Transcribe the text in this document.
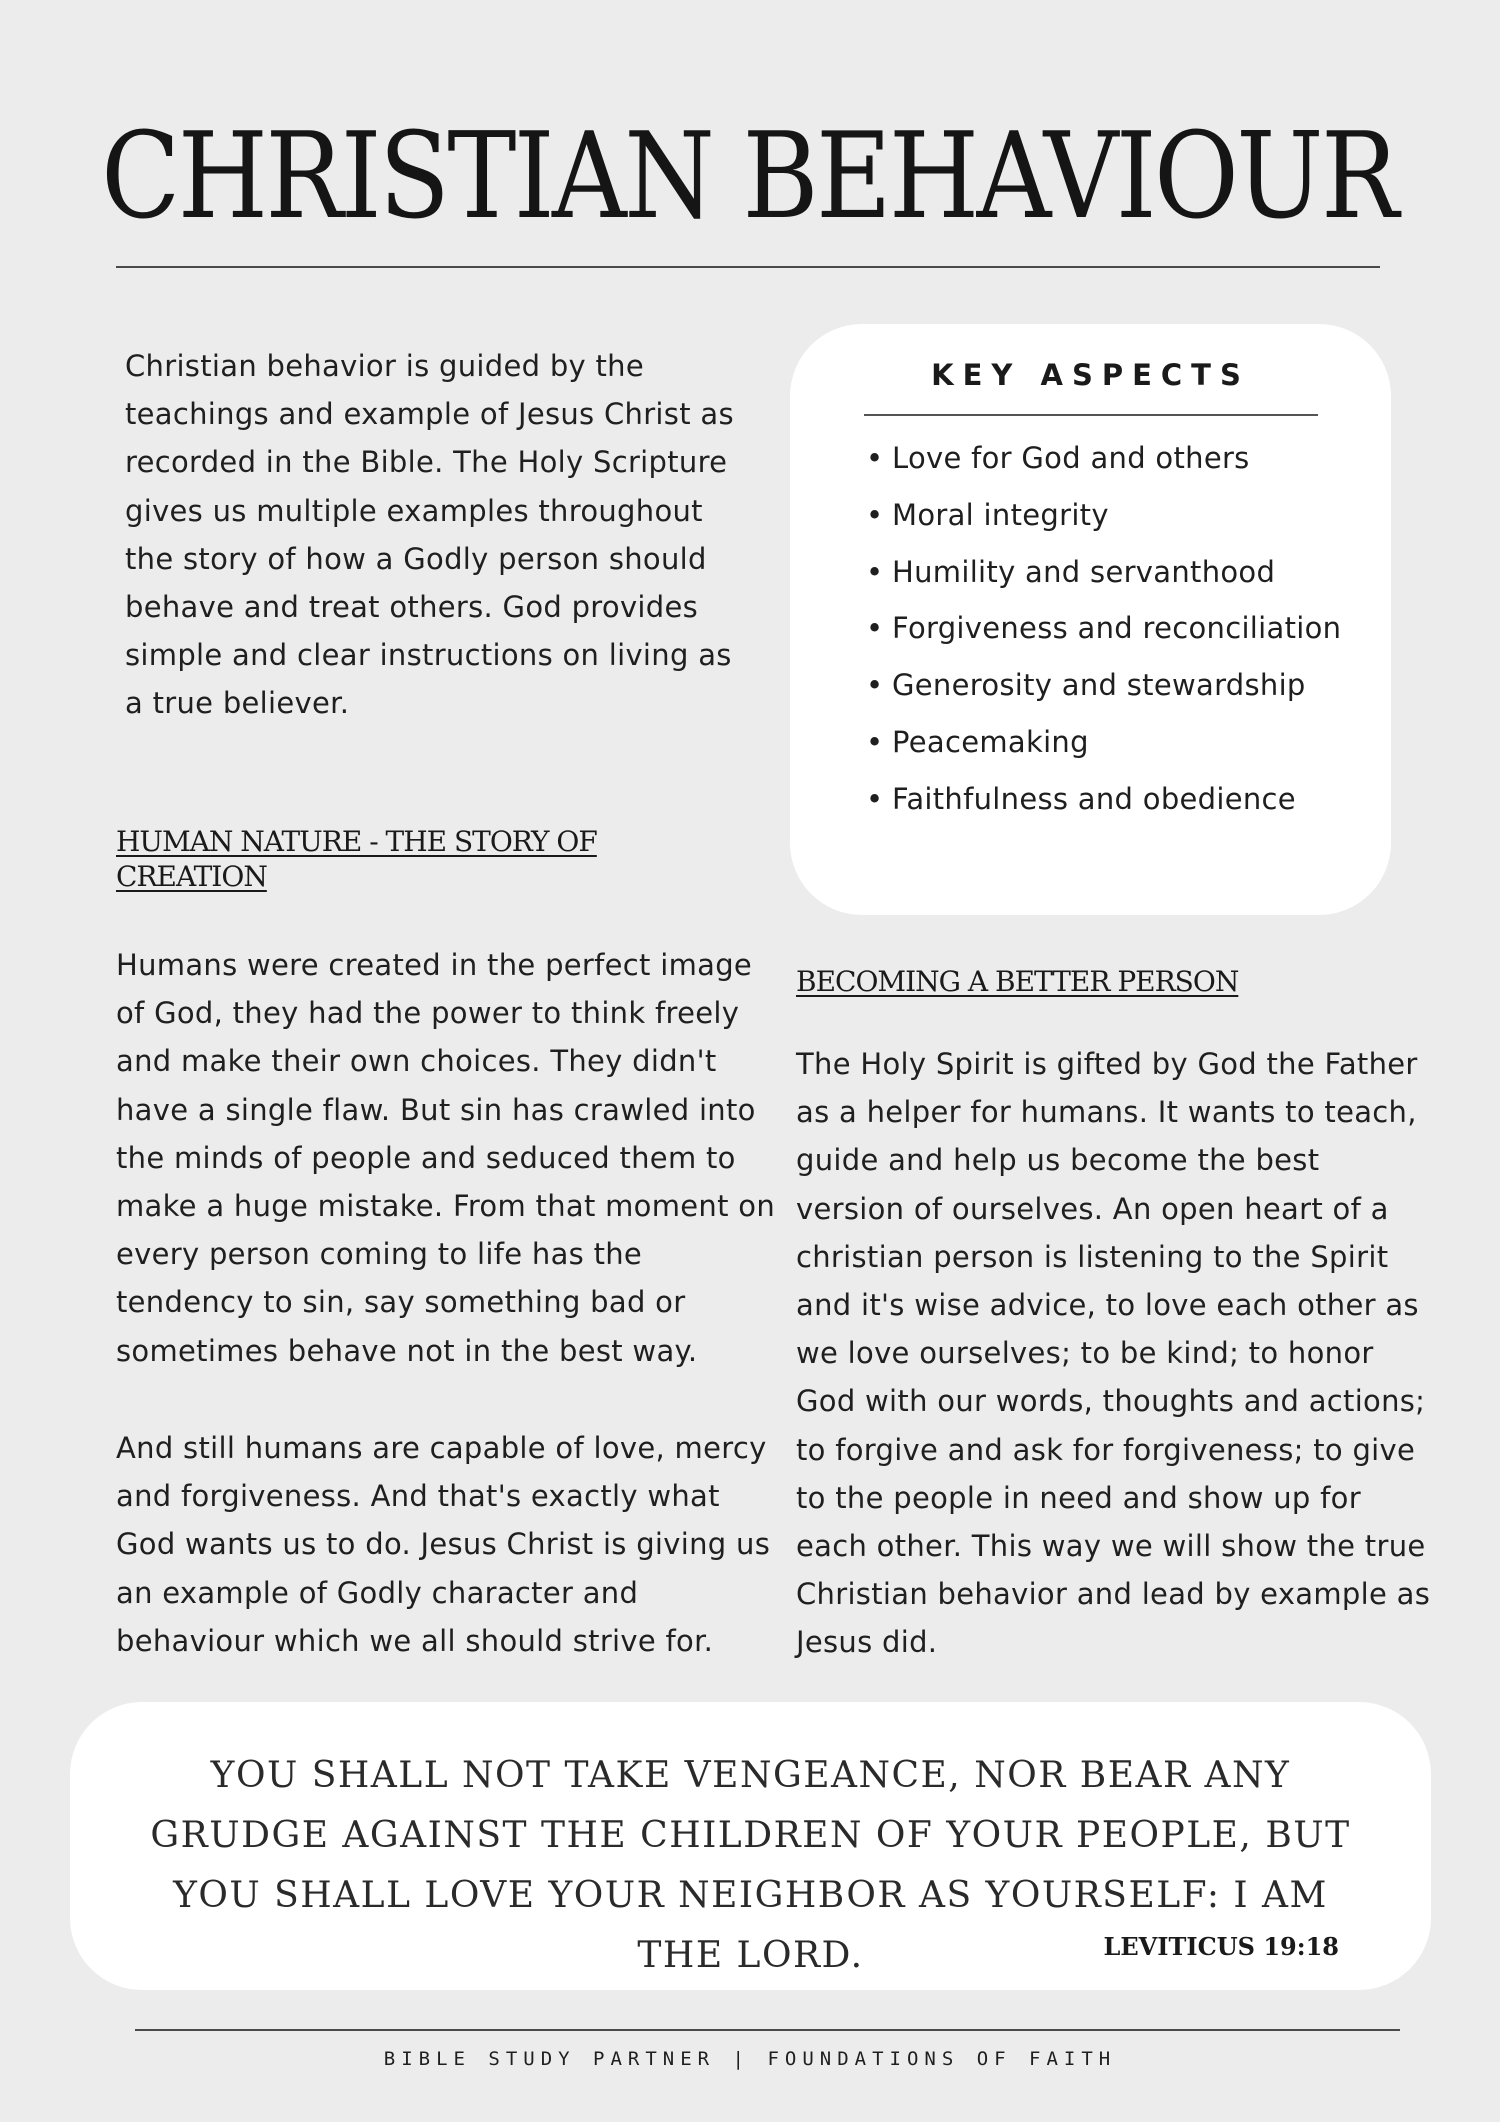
CHRISTIAN BEHAVIOUR

Christian behavior is guided by the teachings and example of Jesus Christ as recorded in the Bible. The Holy Scripture gives us multiple examples throughout the story of how a Godly person should behave and treat others. God provides simple and clear instructions on living as a true believer.

KEY ASPECTS
• Love for God and others
• Moral integrity
• Humility and servanthood
• Forgiveness and reconciliation
• Generosity and stewardship
• Peacemaking
• Faithfulness and obedience
HUMAN NATURE - THE STORY OF CREATION

Humans were created in the perfect image of God, they had the power to think freely and make their own choices. They didn't have a single flaw. But sin has crawled into the minds of people and seduced them to make a huge mistake. From that moment on every person coming to life has the tendency to sin, say something bad or sometimes behave not in the best way.

And still humans are capable of love, mercy and forgiveness. And that's exactly what God wants us to do. Jesus Christ is giving us an example of Godly character and behaviour which we all should strive for.

BECOMING A BETTER PERSON

The Holy Spirit is gifted by God the Father as a helper for humans. It wants to teach, guide and help us become the best version of ourselves. An open heart of a christian person is listening to the Spirit and it's wise advice, to love each other as we love ourselves; to be kind; to honor God with our words, thoughts and actions; to forgive and ask for forgiveness; to give to the people in need and show up for each other. This way we will show the true Christian behavior and lead by example as Jesus did.

YOU SHALL NOT TAKE VENGEANCE, NOR BEAR ANY GRUDGE AGAINST THE CHILDREN OF YOUR PEOPLE, BUT YOU SHALL LOVE YOUR NEIGHBOR AS YOURSELF: I AM THE LORD.	LEVITICUS 19:18

BIBLE STUDY PARTNER | FOUNDATIONS OF FAITH
